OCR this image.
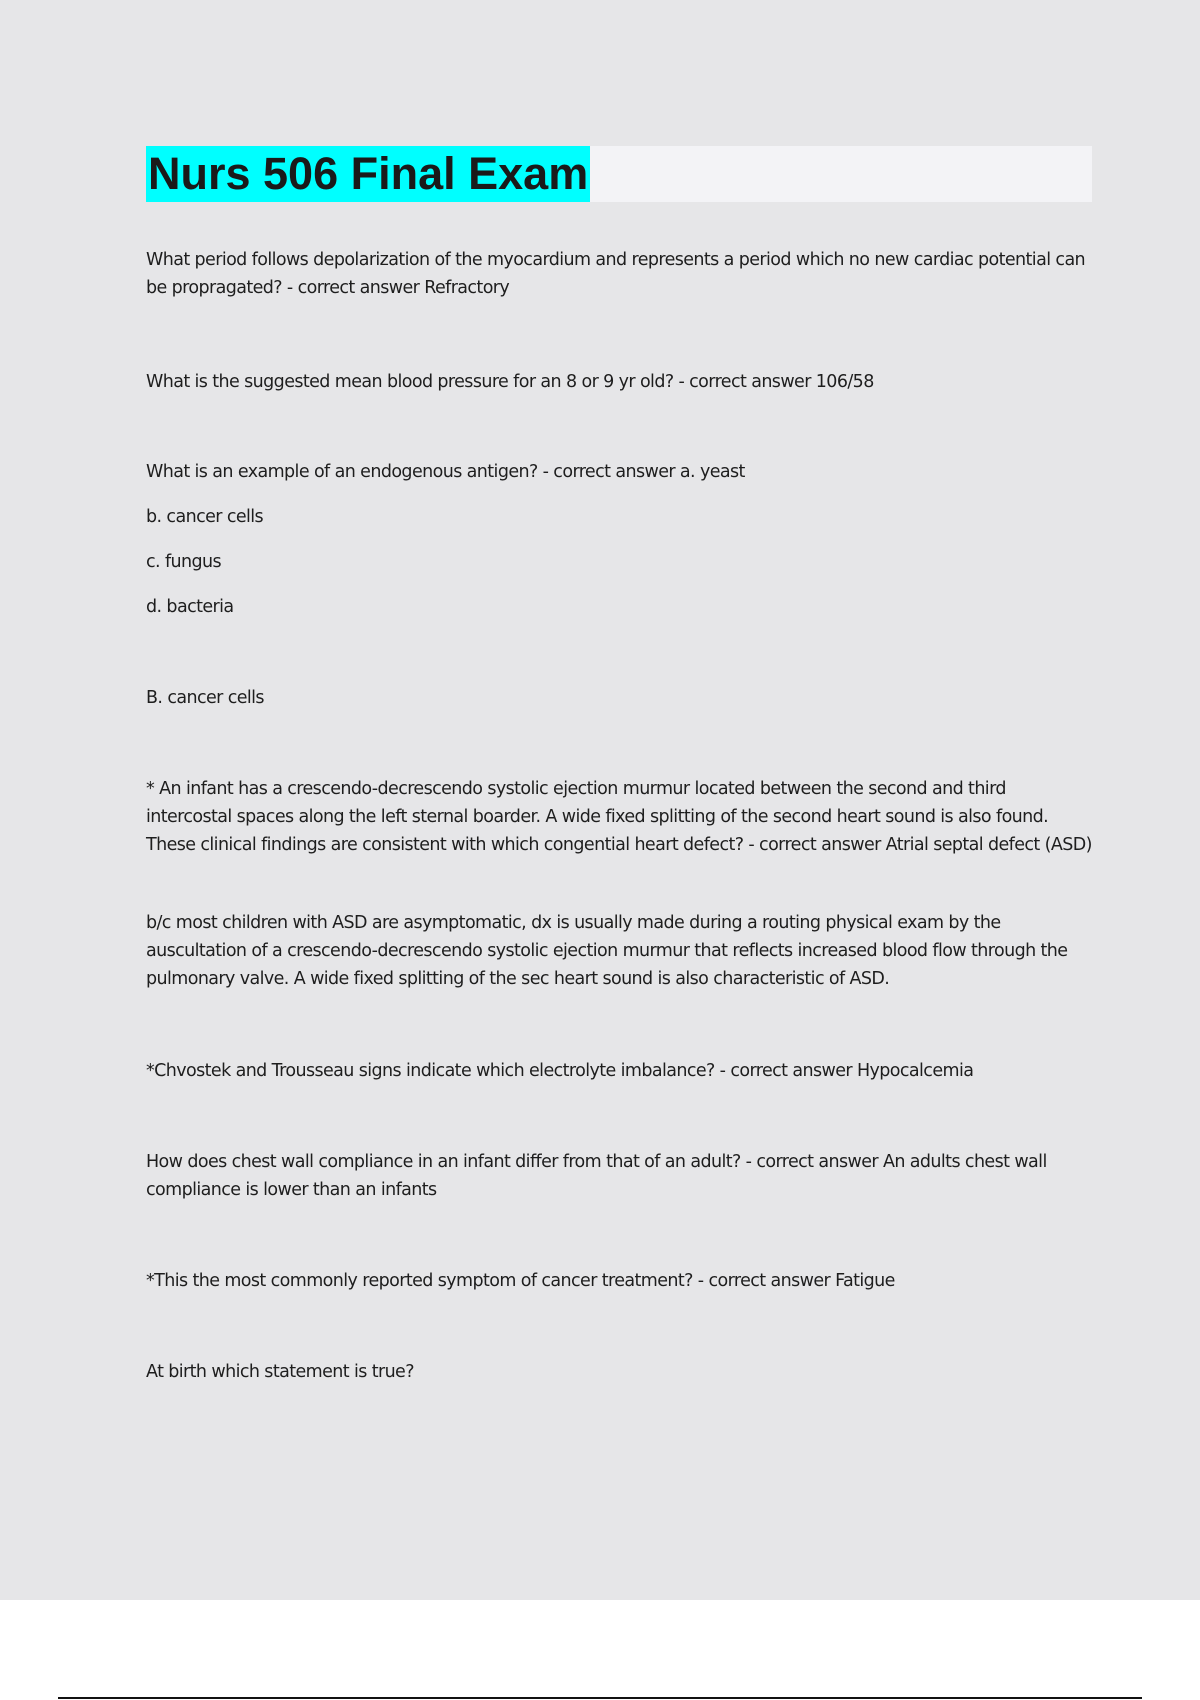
Nurs 506 Final Exam

What period follows depolarization of the myocardium and represents a period which no new cardiac potential can be propragated? - correct answer Refractory

What is the suggested mean blood pressure for an 8 or 9 yr old? - correct answer 106/58

What is an example of an endogenous antigen? - correct answer a. yeast

b. cancer cells

c. fungus

d. bacteria

B. cancer cells

* An infant has a crescendo-decrescendo systolic ejection murmur located between the second and third intercostal spaces along the left sternal boarder. A wide fixed splitting of the second heart sound is also found. These clinical findings are consistent with which congential heart defect? - correct answer Atrial septal defect (ASD)

b/c most children with ASD are asymptomatic, dx is usually made during a routing physical exam by the auscultation of a crescendo-decrescendo systolic ejection murmur that reflects increased blood flow through the pulmonary valve. A wide fixed splitting of the sec heart sound is also characteristic of ASD.

*Chvostek and Trousseau signs indicate which electrolyte imbalance? - correct answer Hypocalcemia

How does chest wall compliance in an infant differ from that of an adult? - correct answer An adults chest wall compliance is lower than an infants

*This the most commonly reported symptom of cancer treatment? - correct answer Fatigue

At birth which statement is true?
